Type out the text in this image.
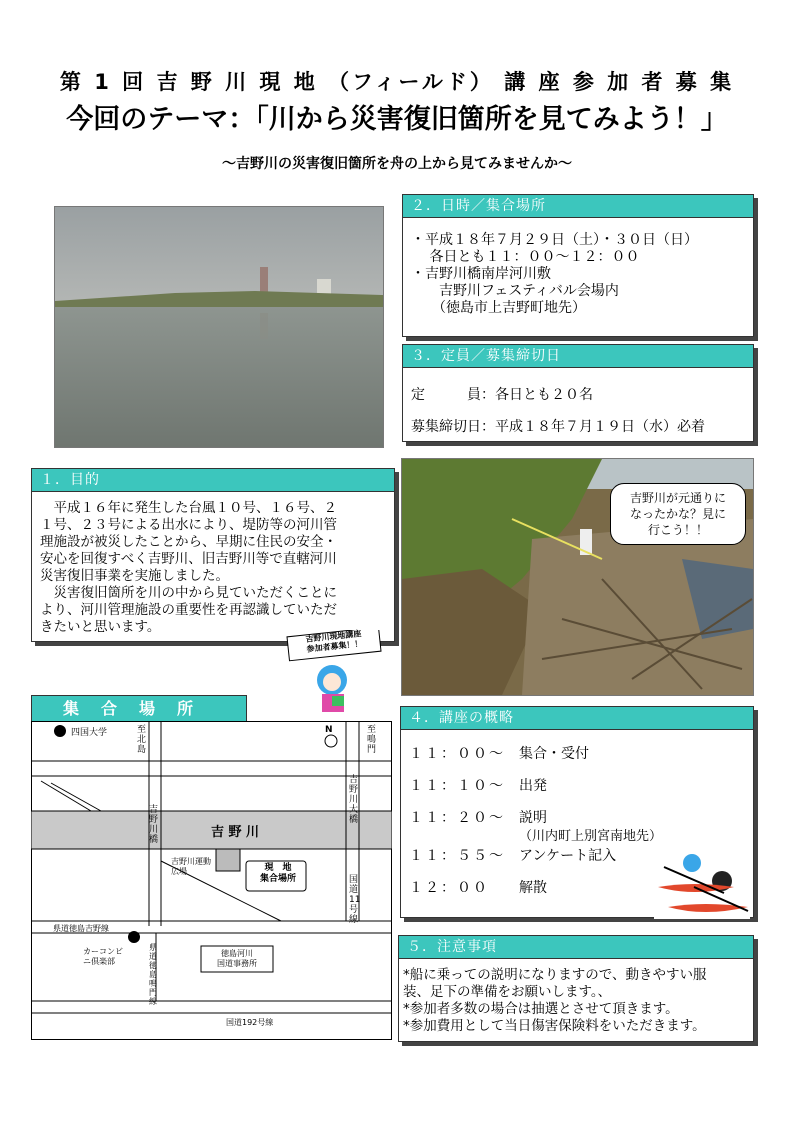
第 1 回 吉 野 川 現 地 （フィールド） 講 座 参 加 者 募 集
今回のテーマ：「川から災害復旧箇所を見てみよう！」
～吉野川の災害復旧箇所を舟の上から見てみませんか～
２．日時／集合場所
・平成１８年７月２９日（土）・３０日（日）
　 各日とも１１：００～１２：００
・吉野川橋南岸河川敷
　　吉野川フェスティバル会場内
　　（徳島市上吉野町地先）
３．定員／募集締切日
定　　　員：各日とも２０名
募集締切日：平成１８年７月１９日（水）必着
１．目的
　平成１６年に発生した台風１０号、１６号、２
１号、２３号による出水により、堤防等の河川管
理施設が被災したことから、早期に住民の安全・
安心を回復すべく吉野川、旧吉野川等で直轄河川
災害復旧事業を実施しました。
　災害復旧箇所を川の中から見ていただくことに
より、河川管理施設の重要性を再認識していただ
きたいと思います。
吉野川が元通りに
なったかな？見に
行こう！！
吉野川現地講座
参加者募集！！
集合場所
四国大学	至北島
N	至鳴門
吉野川橋
吉野川大橋
吉 野 川
吉野川運動広場	現　地
集合場所	国道11号線
県道徳島吉野線
カーコンビニ倶楽部
県道徳島鳴門線
徳島河川
国道事務所
国道192号線
４．講座の概略
１１：００～ 集合・受付
１１：１０～ 出発
１１：２０～ 説明
（川内町上別宮南地先）
１１：５５～ アンケート記入
１２：００ 解散
５．注意事項
*船に乗っての説明になりますので、動きやすい服
装、足下の準備をお願いします。、
*参加者多数の場合は抽選とさせて頂きます。
*参加費用として当日傷害保険料をいただきます。
